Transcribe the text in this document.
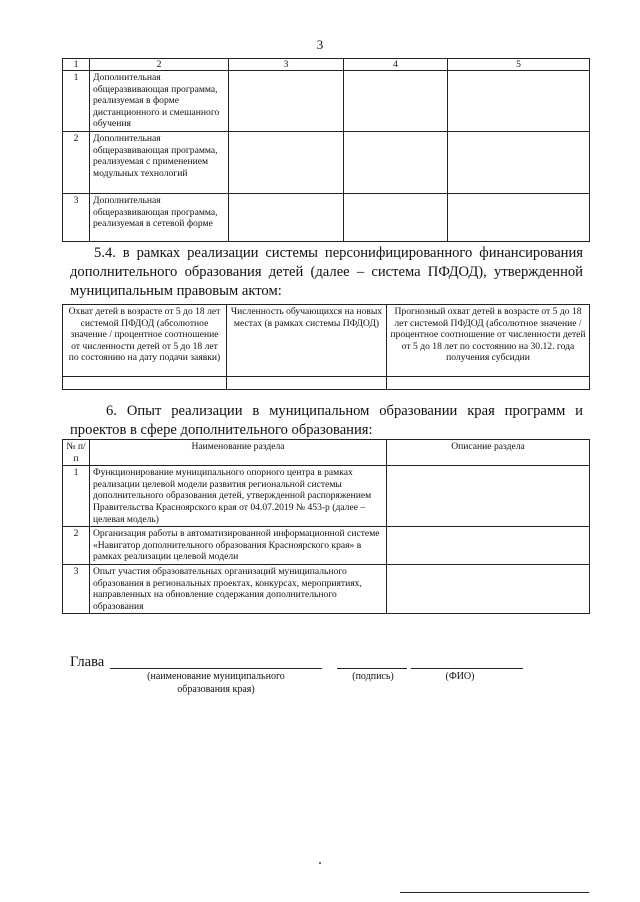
3
1	2	3	4	5
1	Дополнительная общеразвивающая программа, реализуемая в форме дистанционного и смешанного обучения			
2	Дополнительная общеразвивающая программа, реализуемая с применением модульных технологий			
3	Дополнительная общеразвивающая программа, реализуемая в сетевой форме			
5.4. в рамках реализации системы персонифицированного финансирования дополнительного образования детей (далее – система ПФДОД), утвержденной муниципальным правовым актом:
Охват детей в возрасте от 5 до 18 лет системой ПФДОД (абсолютное значение / процентное соотношение от численности детей от 5 до 18 лет по состоянию на дату подачи заявки)	Численность обучающихся на новых местах (в рамках системы ПФДОД)	Прогнозный охват детей в возрасте от 5 до 18 лет системой ПФДОД (абсолютное значение / процентное соотношение от численности детей от 5 до 18 лет по состоянию на 30.12. года получения субсидии

6. Опыт реализации в муниципальном образовании края программ и проектов в сфере дополнительного образования:
№ п/п	Наименование раздела	Описание раздела
1	Функционирование муниципального опорного центра в рамках реализации целевой модели развития региональной системы дополнительного образования детей, утвержденной распоряжением Правительства Красноярского края от 04.07.2019 № 453-р (далее – целевая модель)	
2	Организация работы в автоматизированной информационной системе «Навигатор дополнительного образования Красноярского края» в рамках реализации целевой модели	
3	Опыт участия образовательных организаций муниципального образования в региональных проектах, конкурсах, мероприятиях, направленных на обновление содержания дополнительного образования	
Глава
(наименование муниципального образования края)
(подпись)	(ФИО)
